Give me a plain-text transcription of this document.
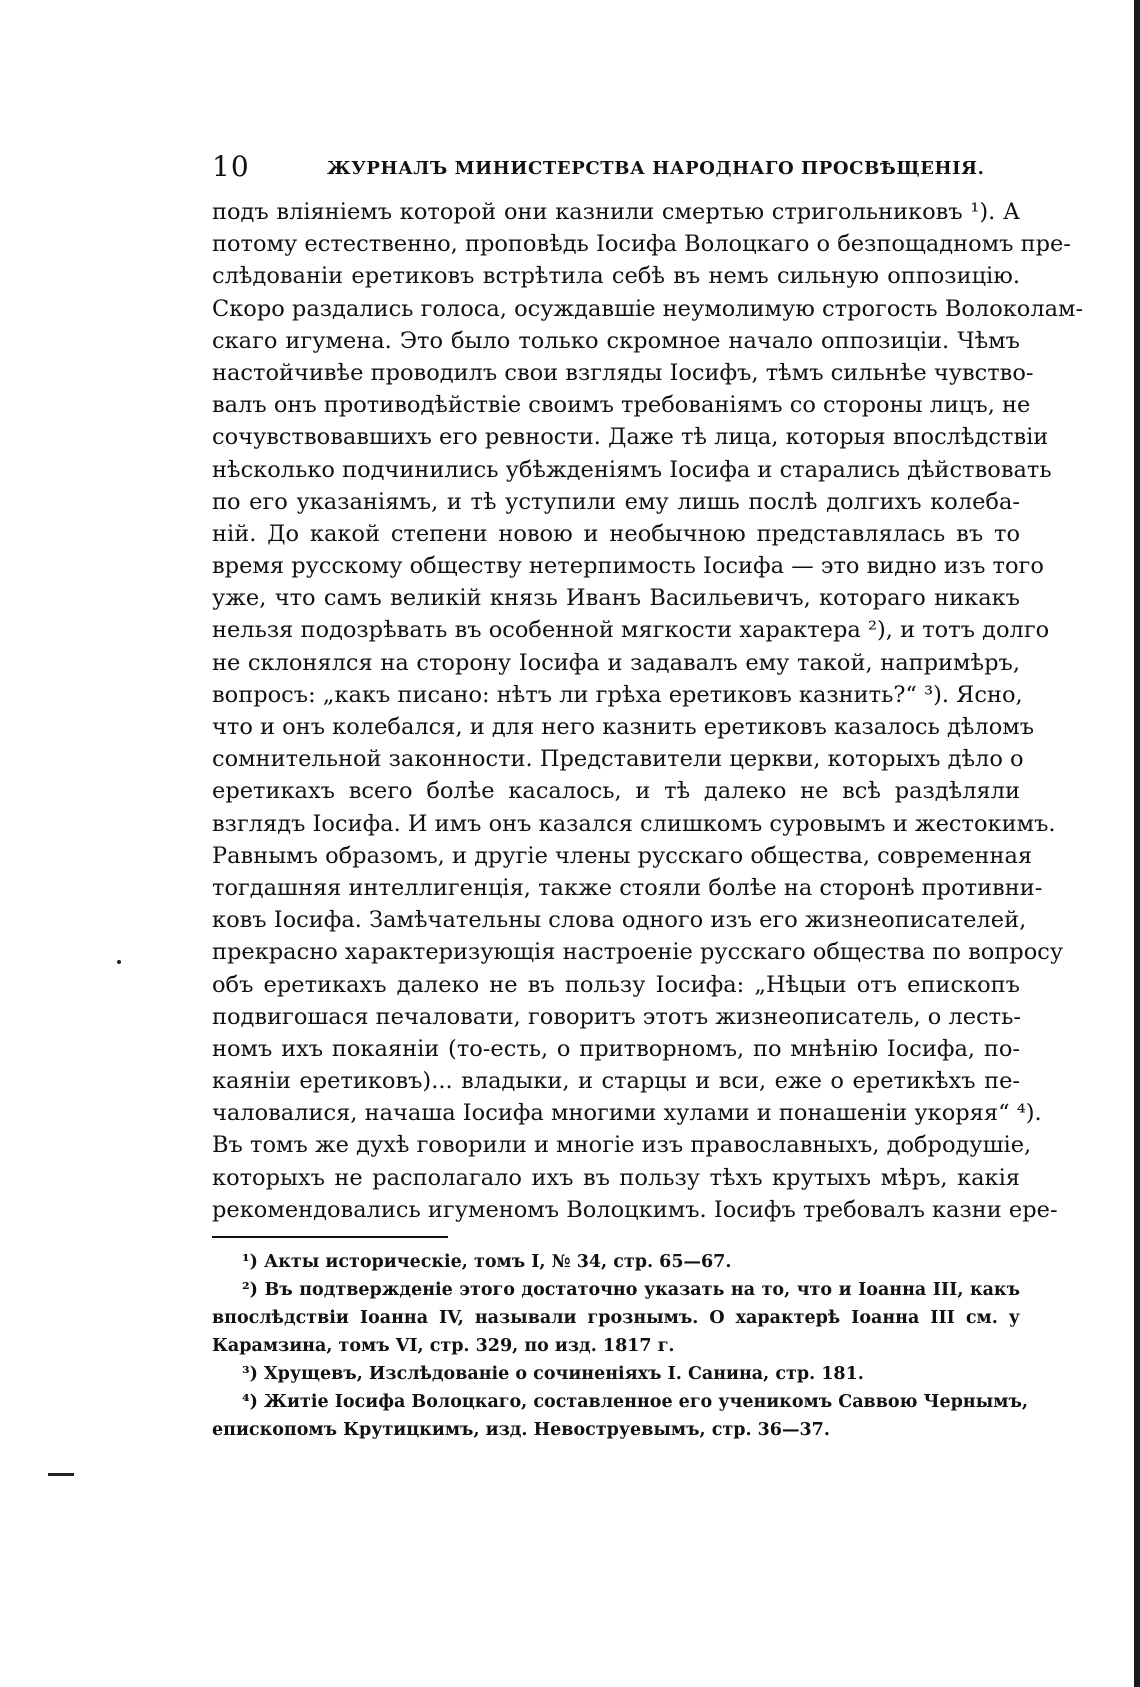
10	ЖУРНАЛЪ МИНИСТЕРСТВА НАРОДНАГО ПРОСВѢЩЕНІЯ.
подъ вліяніемъ которой они казнили смертью стригольниковъ ¹). А
потому естественно, проповѣдь Іосифа Волоцкаго о безпощадномъ пре-
слѣдованіи еретиковъ встрѣтила себѣ въ немъ сильную оппозицію.
Скоро раздались голоса, осуждавшіе неумолимую строгость Волоколам-
скаго игумена. Это было только скромное начало оппозиціи. Чѣмъ
настойчивѣе проводилъ свои взгляды Іосифъ, тѣмъ сильнѣе чувство-
валъ онъ противодѣйствіе своимъ требованіямъ со стороны лицъ, не
сочувствовавшихъ его ревности. Даже тѣ лица, которыя впослѣдствіи
нѣсколько подчинились убѣжденіямъ Іосифа и старались дѣйствовать
по его указаніямъ, и тѣ уступили ему лишь послѣ долгихъ колеба-
ній. До какой степени новою и необычною представлялась въ то
время русскому обществу нетерпимость Іосифа — это видно изъ того
уже, что самъ великій князь Иванъ Васильевичъ, котораго никакъ
нельзя подозрѣвать въ особенной мягкости характера ²), и тотъ долго
не склонялся на сторону Іосифа и задавалъ ему такой, напримѣръ,
вопросъ: „какъ писано: нѣтъ ли грѣха еретиковъ казнить?“ ³). Ясно,
что и онъ колебался, и для него казнить еретиковъ казалось дѣломъ
сомнительной законности. Представители церкви, которыхъ дѣло о
еретикахъ всего болѣе касалось, и тѣ далеко не всѣ раздѣляли
взглядъ Іосифа. И имъ онъ казался слишкомъ суровымъ и жестокимъ.
Равнымъ образомъ, и другіе члены русскаго общества, современная
тогдашняя интеллигенція, также стояли болѣе на сторонѣ противни-
ковъ Іосифа. Замѣчательны слова одного изъ его жизнеописателей,
прекрасно характеризующія настроеніе русскаго общества по вопросу
объ еретикахъ далеко не въ пользу Іосифа: „Нѣцыи отъ епископъ
подвигошася печаловати, говоритъ этотъ жизнеописатель, о лесть-
номъ ихъ покаяніи (то-есть, о притворномъ, по мнѣнію Іосифа, по-
каяніи еретиковъ)... владыки, и старцы и вси, еже о еретикѣхъ пе-
чаловалися, начаша Іосифа многими хулами и понашеніи укоряя“ ⁴).
Въ томъ же духѣ говорили и многіе изъ православныхъ, добродушіе,
которыхъ не располагало ихъ въ пользу тѣхъ крутыхъ мѣръ, какія
рекомендовались игуменомъ Волоцкимъ. Іосифъ требовалъ казни ере-
¹) Акты историческіе, томъ I, № 34, стр. 65—67.
²) Въ подтвержденіе этого достаточно указать на то, что и Іоанна III, какъ
впослѣдствіи Іоанна IV, называли грознымъ. О характерѣ Іоанна III см. у
Карамзина, томъ VI, стр. 329, по изд. 1817 г.
³) Хрущевъ, Изслѣдованіе о сочиненіяхъ I. Санина, стр. 181.
⁴) Житіе Іосифа Волоцкаго, составленное его ученикомъ Саввою Чернымъ,
епископомъ Крутицкимъ, изд. Невоструевымъ, стр. 36—37.
